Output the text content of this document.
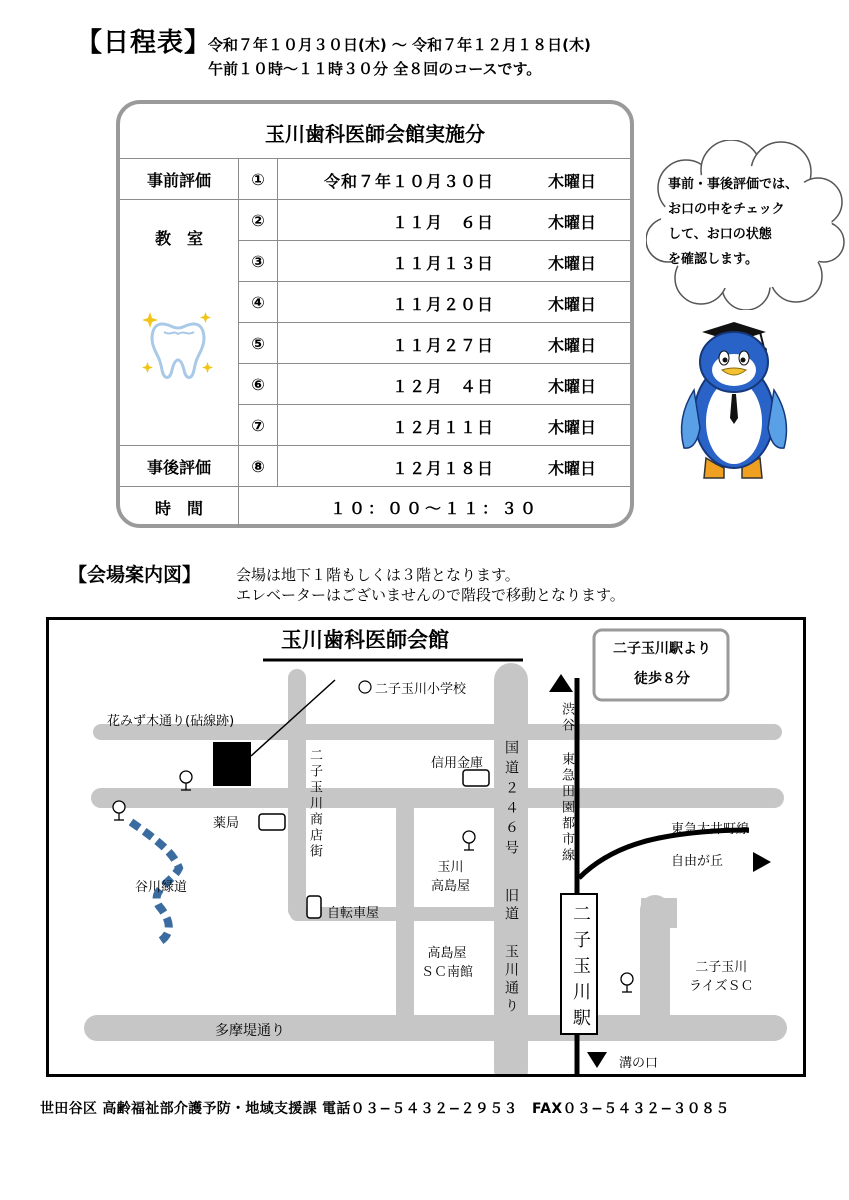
【日程表】
令和７年１０月３０日(木) 〜 令和７年１２月１８日(木)
午前１０時〜１１時３０分 全８回のコースです。
玉川歯科医師会館実施分
事前評価	①	令和７年１０月３０日 木曜日

教　室	②	１１月　６日 木曜日

	③	１１月１３日 木曜日

	④	１１月２０日 木曜日

	⑤	１１月２７日 木曜日

	⑥	１２月　４日 木曜日

	⑦	１２月１１日 木曜日

事後評価	⑧	１２月１８日 木曜日

時　間	１０：００〜１１：３０	
事前・事後評価では、
お口の中をチェック
して、お口の状態
を確認します。
【会場案内図】 会場は地下１階もしくは３階となります。
エレベーターはございませんので階段で移動となります。
玉川歯科医師会館	二子玉川駅より
徒歩８分
二子玉川小学校
花みず木通り(砧線跡)
信用金庫
薬局
自転車屋
谷川緑道
玉川
高島屋
高島屋
ＳＣ南館	二子玉川
ライズＳＣ
多摩堤通り
二子玉川商店街	国道２４６号
旧道
玉川通り
渋谷
東急田園都市線	東急大井町線
自由が丘
二子玉川駅
溝の口
世田谷区 高齢福祉部介護予防・地域支援課 電話０３−５４３２−２９５３　FAX０３−５４３２−３０８５
